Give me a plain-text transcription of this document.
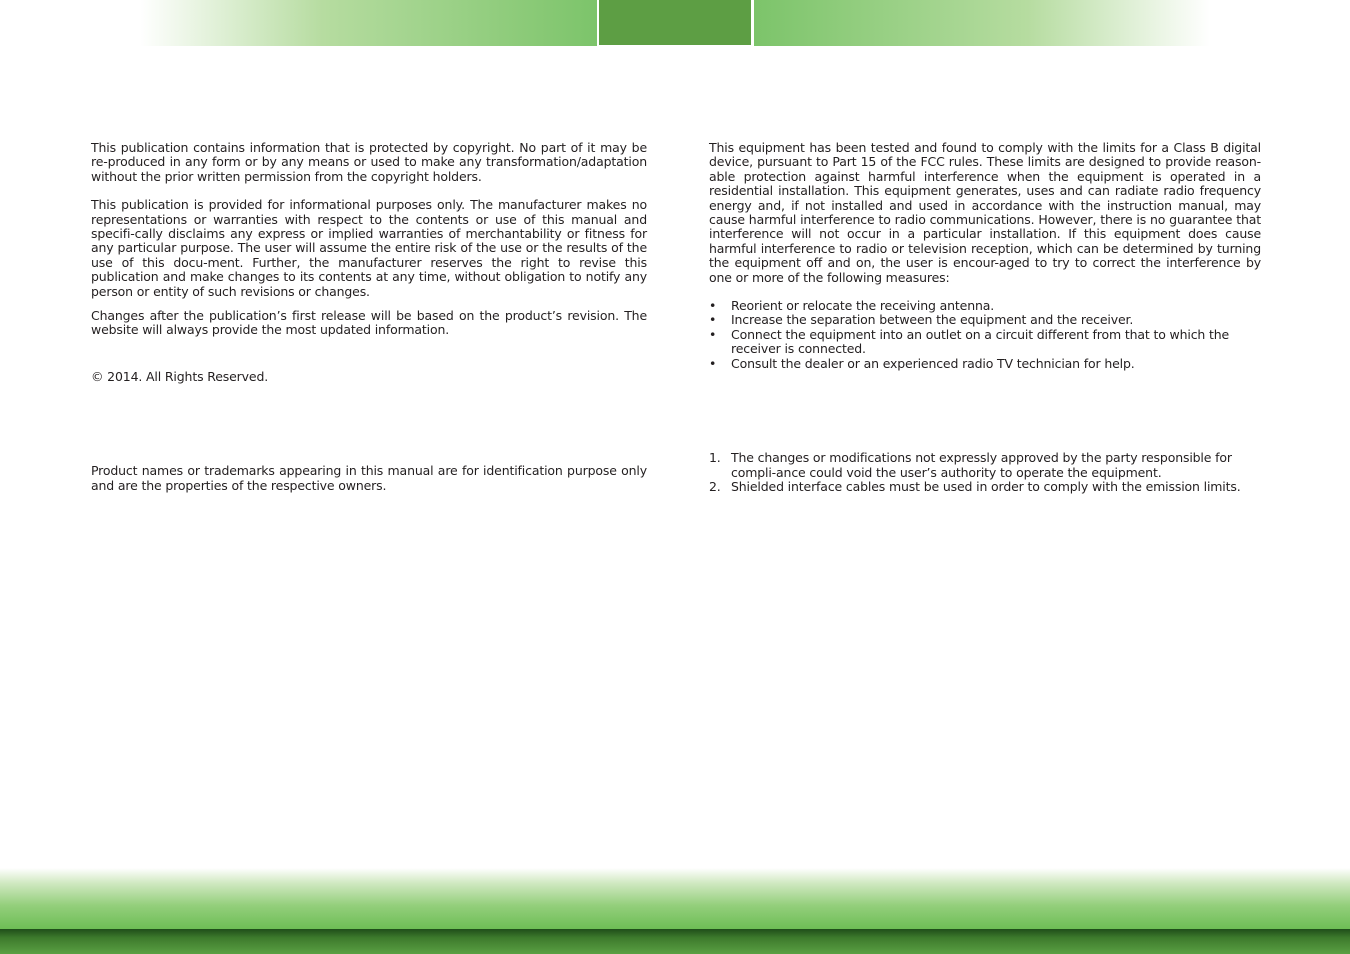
This publication contains information that is protected by copyright. No part of it may be re-produced in any form or by any means or used to make any transformation/adaptation without the prior written permission from the copyright holders.

This publication is provided for informational purposes only. The manufacturer makes no representations or warranties with respect to the contents or use of this manual and specifi-cally disclaims any express or implied warranties of merchantability or fitness for any particular purpose. The user will assume the entire risk of the use or the results of the use of this docu-ment. Further, the manufacturer reserves the right to revise this publication and make changes to its contents at any time, without obligation to notify any person or entity of such revisions or changes.

Changes after the publication’s first release will be based on the product’s revision. The website will always provide the most updated information.

© 2014. All Rights Reserved.

Product names or trademarks appearing in this manual are for identification purpose only and are the properties of the respective owners.

This equipment has been tested and found to comply with the limits for a Class B digital device, pursuant to Part 15 of the FCC rules. These limits are designed to provide reason-able protection against harmful interference when the equipment is operated in a residential installation. This equipment generates, uses and can radiate radio frequency energy and, if not installed and used in accordance with the instruction manual, may cause harmful interference to radio communications. However, there is no guarantee that interference will not occur in a particular installation. If this equipment does cause harmful interference to radio or television reception, which can be determined by turning the equipment off and on, the user is encour-aged to try to correct the interference by one or more of the following measures:

• Reorient or relocate the receiving antenna.
• Increase the separation between the equipment and the receiver.
• Connect the equipment into an outlet on a circuit different from that to which the receiver is connected.
• Consult the dealer or an experienced radio TV technician for help.
1. The changes or modifications not expressly approved by the party responsible for compli-ance could void the user’s authority to operate the equipment.
2. Shielded interface cables must be used in order to comply with the emission limits.
